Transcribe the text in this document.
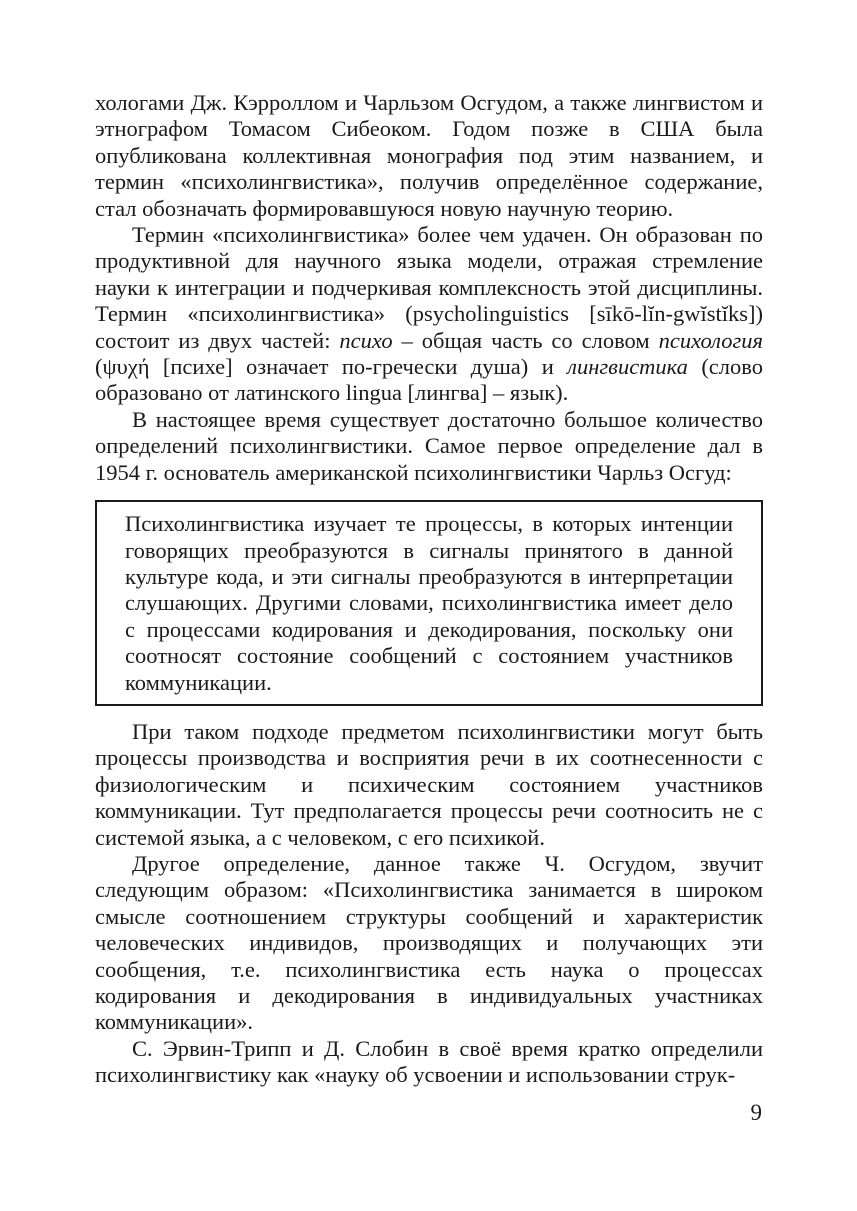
хологами Дж. Кэрроллом и Чарльзом Осгудом, а также лингвистом и этнографом Томасом Сибеоком. Годом позже в США была опубликована коллективная монография под этим названием, и термин «психолингвистика», получив определённое содержание, стал обозначать формировавшуюся новую научную теорию.

Термин «психолингвистика» более чем удачен. Он образован по продуктивной для научного языка модели, отражая стремление науки к интеграции и подчеркивая комплексность этой дисциплины. Термин «психолингвистика» (psycholinguistics [sīkō-lĭn-gwĭstĭks]) состоит из двух частей: психо – общая часть со словом психология (ψυχή [психе] означает по-гречески душа) и лингвистика (слово образовано от латинского lingua [лингва] – язык).

В настоящее время существует достаточно большое количество определений психолингвистики. Самое первое определение дал в 1954 г. основатель американской психолингвистики Чарльз Осгуд:

Психолингвистика изучает те процессы, в которых интенции говорящих преобразуются в сигналы принятого в данной культуре кода, и эти сигналы преобразуются в интерпретации слушающих. Другими словами, психолингвистика имеет дело с процессами кодирования и декодирования, поскольку они соотносят состояние сообщений с состоянием участников коммуникации.

При таком подходе предметом психолингвистики могут быть процессы производства и восприятия речи в их соотнесенности с физиологическим и психическим состоянием участников коммуникации. Тут предполагается процессы речи соотносить не с системой языка, а с человеком, с его психикой.

Другое определение, данное также Ч. Осгудом, звучит следующим образом: «Психолингвистика занимается в широком смысле соотношением структуры сообщений и характеристик человеческих индивидов, производящих и получающих эти сообщения, т.е. психолингвистика есть наука о процессах кодирования и декодирования в индивидуальных участниках коммуникации».

С. Эрвин-Трипп и Д. Слобин в своё время кратко определили психолингвистику как «науку об усвоении и использовании струк-

9
